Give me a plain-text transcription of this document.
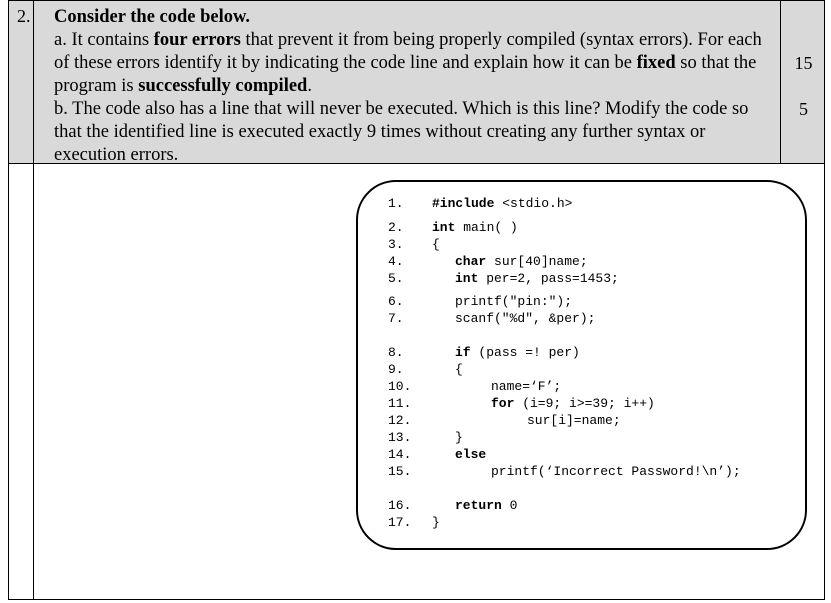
2. Consider the code below.

a. It contains four errors that prevent it from being properly compiled (syntax errors). For each of these errors identify it by indicating the code line and explain how it can be fixed so that the program is successfully compiled.

b. The code also has a line that will never be executed. Which is this line? Modify the code so that the identified line is executed exactly 9 times without creating any further syntax or execution errors.

15
5
1.	#include <stdio.h>
2.	int main( )
3.	{
4.	char sur[40]name;
5.	int per=2, pass=1453;
6.	printf("pin:");
7.	scanf("%d", &per);
8.	if (pass =! per)
9.	{
10.	name=‘F’;
11.	for (i=9; i>=39; i++)
12.	sur[i]=name;
13.	}
14.	else
15.	printf(‘Incorrect Password!\n’);
16.	return 0
17.	}
